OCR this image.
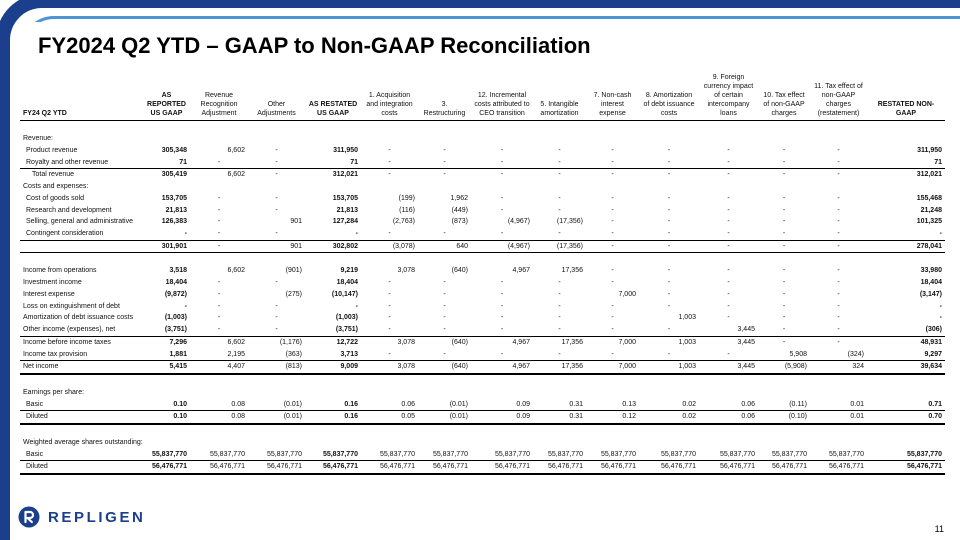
FY2024 Q2 YTD – GAAP to Non-GAAP Reconciliation
FY24 Q2 YTD	AS REPORTED US GAAP	Revenue Recognition Adjustment	Other Adjustments	AS RESTATED US GAAP	1. Acquisition and integration costs	3. Restructuring	12. Incremental costs attributed to CEO transition	5. Intangible amortization	7. Non-cash interest expense	8. Amortization of debt issuance costs	9. Foreign currency impact of certain intercompany loans	10. Tax effect of non-GAAP charges	11. Tax effect of non-GAAP charges (restatement)	RESTATED NON-GAAP

Revenue:														
Product revenue	305,348	6,602	-	311,950	-	-	-	-	-	-	-	-	-	311,950
Royalty and other revenue	71	-	-	71	-	-	-	-	-	-	-	-	-	71
Total revenue	305,419	6,602	-	312,021	-	-	-	-	-	-	-	-	-	312,021
Costs and expenses:														
Cost of goods sold	153,705	-	-	153,705	(199)	1,962	-	-	-	-	-	-	-	155,468
Research and development	21,813	-	-	21,813	(116)	(449)	-	-	-	-	-	-	-	21,248
Selling, general and administrative	126,383	-	901	127,284	(2,763)	(873)	(4,967)	(17,356)	-	-	-	-	-	101,325
Contingent consideration	-	-	-	-	-	-	-	-	-	-	-	-	-	-
	301,901	-	901	302,802	(3,078)	640	(4,967)	(17,356)	-	-	-	-	-	278,041

Income from operations	3,518	6,602	(901)	9,219	3,078	(640)	4,967	17,356	-	-	-	-	-	33,980
Investment income	18,404	-	-	18,404	-	-	-	-	-	-	-	-	-	18,404
Interest expense	(9,872)	-	(275)	(10,147)	-	-	-	-	7,000	-	-	-	-	(3,147)
Loss on extinguishment of debt	-	-	-	-	-	-	-	-	-	-	-	-	-	-
Amortization of debt issuance costs	(1,003)	-	-	(1,003)	-	-	-	-	-	1,003	-	-	-	-
Other income (expenses), net	(3,751)	-	-	(3,751)	-	-	-	-	-	-	3,445	-	-	(306)
Income before income taxes	7,296	6,602	(1,176)	12,722	3,078	(640)	4,967	17,356	7,000	1,003	3,445	-	-	48,931
Income tax provision	1,881	2,195	(363)	3,713	-	-	-	-	-	-	-	5,908	(324)	9,297
Net income	5,415	4,407	(813)	9,009	3,078	(640)	4,967	17,356	7,000	1,003	3,445	(5,908)	324	39,634

Earnings per share:														
Basic	0.10	0.08	(0.01)	0.16	0.06	(0.01)	0.09	0.31	0.13	0.02	0.06	(0.11)	0.01	0.71
Diluted	0.10	0.08	(0.01)	0.16	0.05	(0.01)	0.09	0.31	0.12	0.02	0.06	(0.10)	0.01	0.70

Weighted average shares outstanding:														
Basic	55,837,770	55,837,770	55,837,770	55,837,770	55,837,770	55,837,770	55,837,770	55,837,770	55,837,770	55,837,770	55,837,770	55,837,770	55,837,770	55,837,770
Diluted	56,476,771	56,476,771	56,476,771	56,476,771	56,476,771	56,476,771	56,476,771	56,476,771	56,476,771	56,476,771	56,476,771	56,476,771	56,476,771	56,476,771
REPLIGEN
11
